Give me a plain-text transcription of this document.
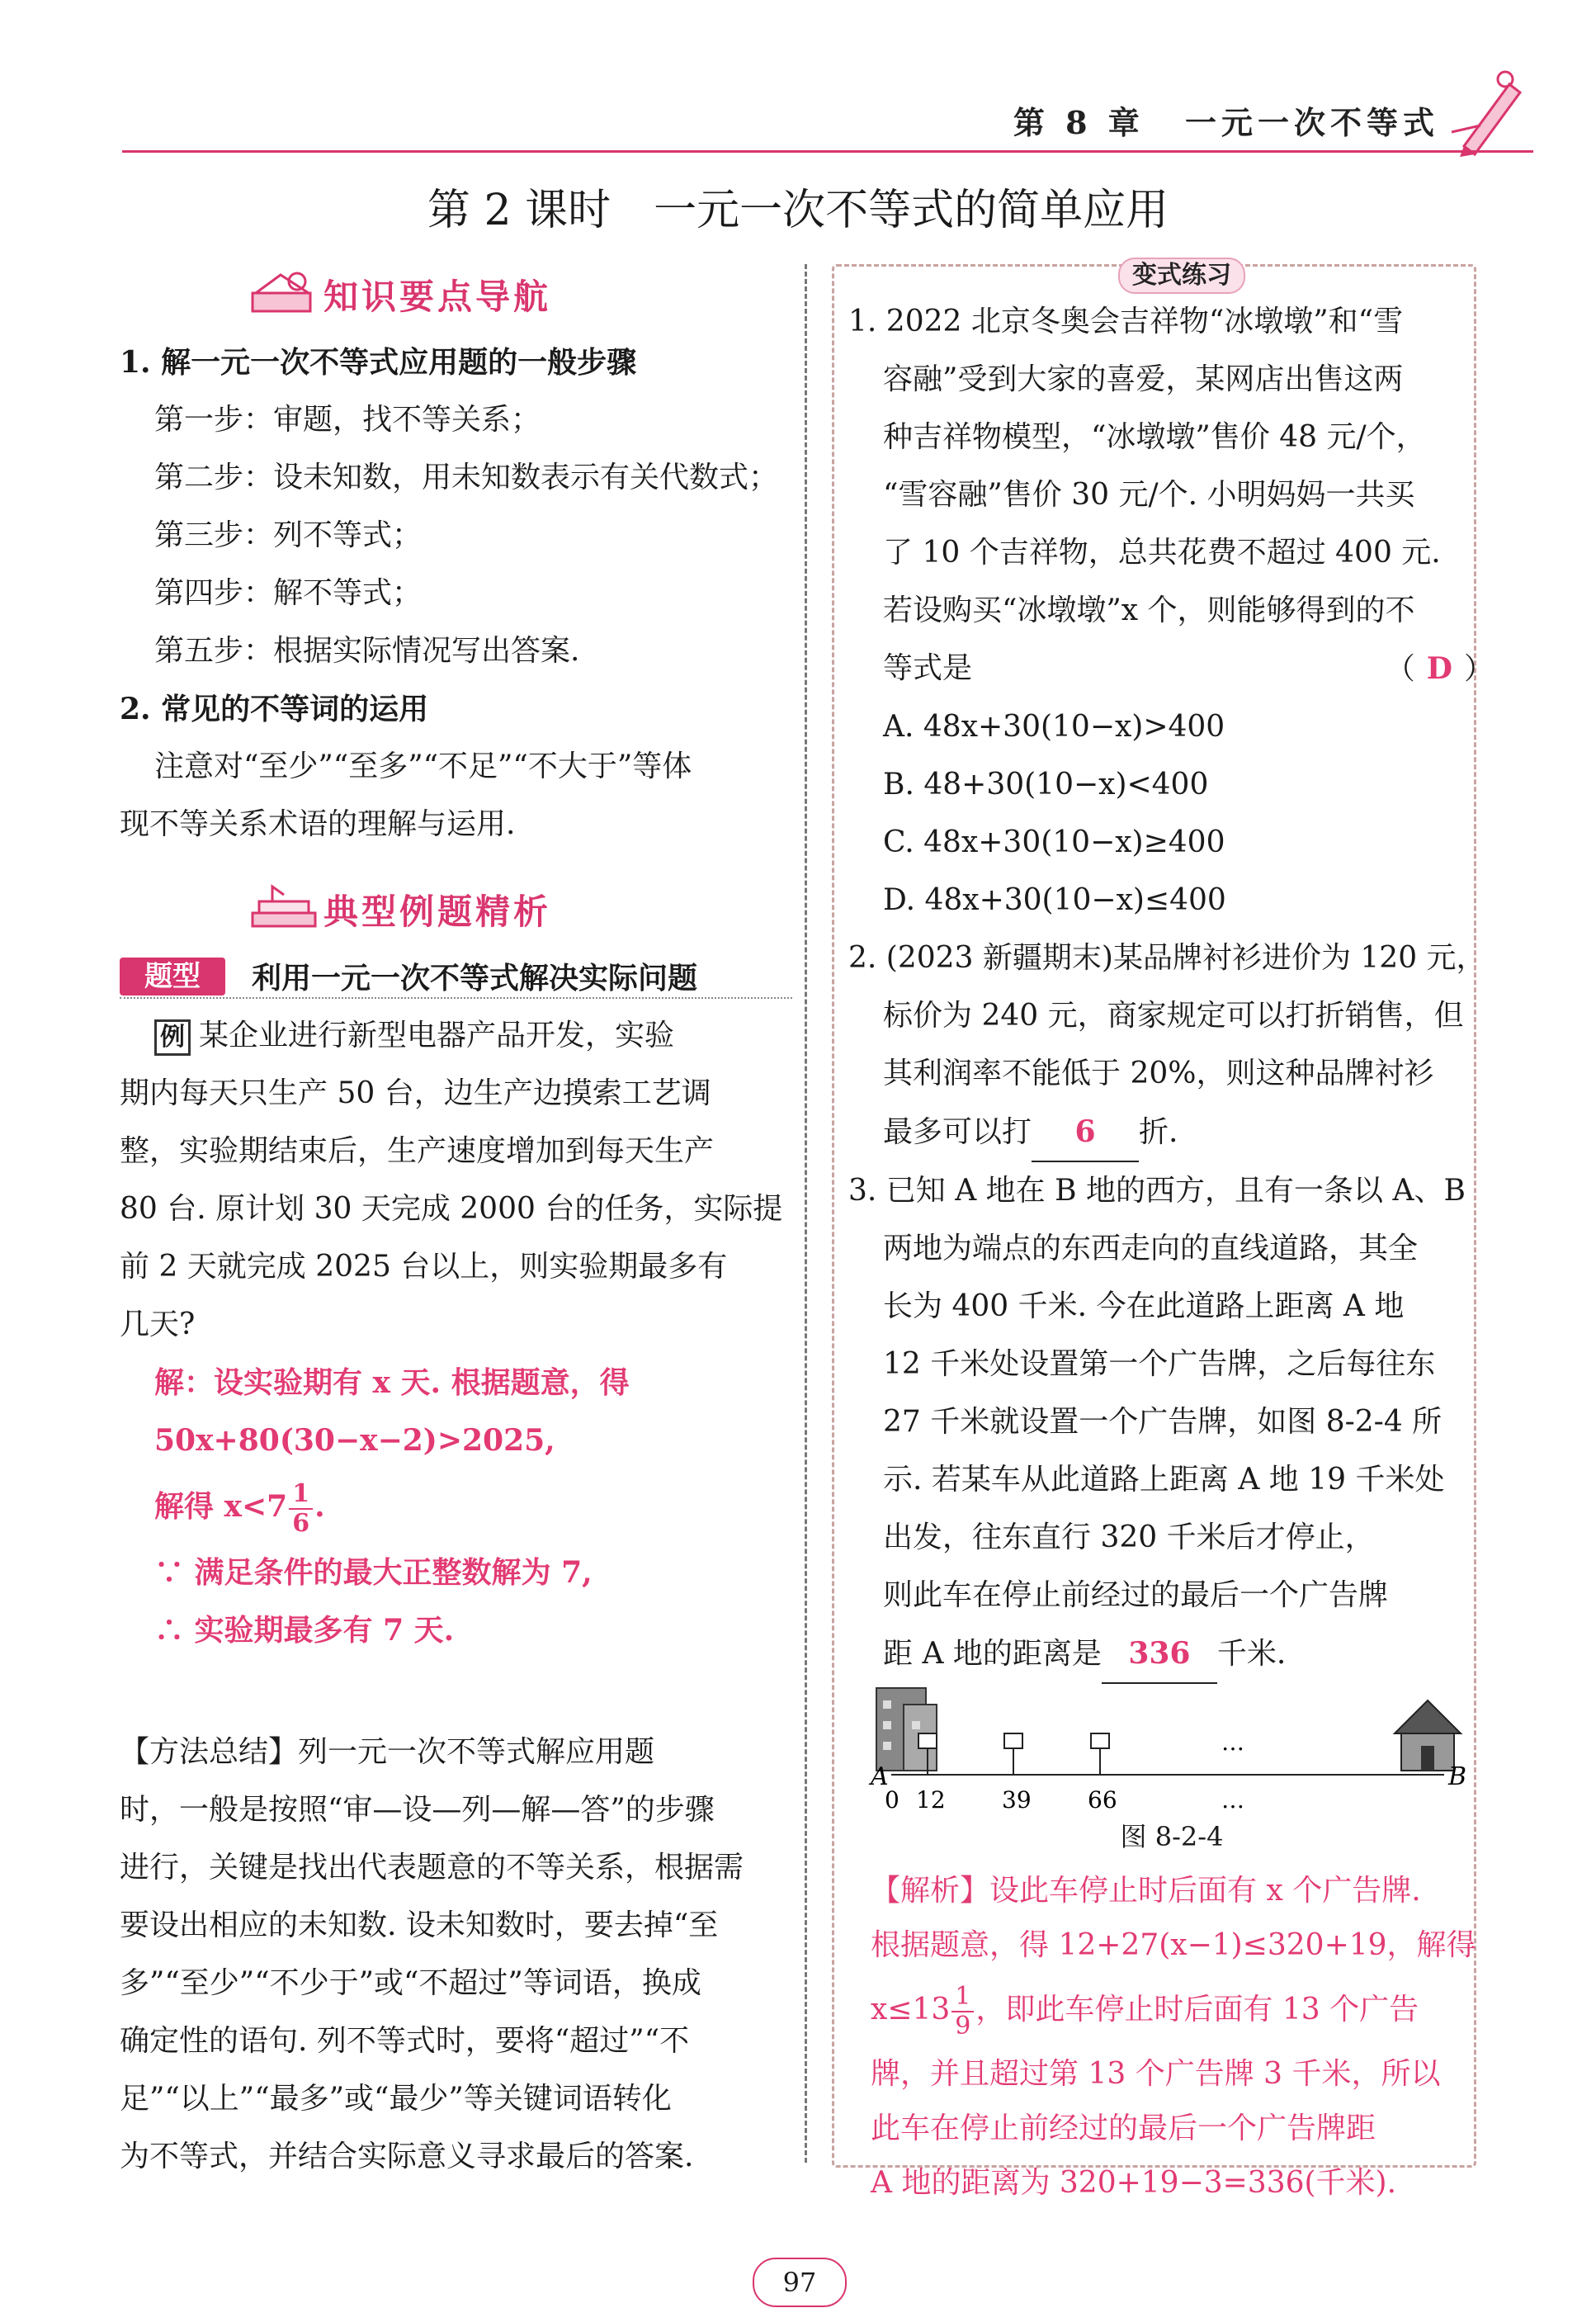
第 8 章 一元一次不等式
第 2 课时　一元一次不等式的简单应用
知识要点导航
1. 解一元一次不等式应用题的一般步骤
第一步：审题，找不等关系；
第二步：设未知数，用未知数表示有关代数式；
第三步：列不等式；
第四步：解不等式；
第五步：根据实际情况写出答案.
2. 常见的不等词的运用
注意对“至少”“至多”“不足”“不大于”等体
现不等关系术语的理解与运用.
典型例题精析
题型	利用一元一次不等式解决实际问题
例 某企业进行新型电器产品开发，实验
期内每天只生产 50 台，边生产边摸索工艺调
整，实验期结束后，生产速度增加到每天生产
80 台. 原计划 30 天完成 2000 台的任务，实际提
前 2 天就完成 2025 台以上，则实验期最多有
几天?
解：设实验期有 x 天. 根据题意，得
50x+80(30−x−2)>2025,
解得 $x<7 \frac{1}{6}$ .
∵ 满足条件的最大正整数解为 7,
∴ 实验期最多有 7 天.
【方法总结】列一元一次不等式解应用题
时，一般是按照“审—设—列—解—答”的步骤
进行，关键是找出代表题意的不等关系，根据需
要设出相应的未知数. 设未知数时，要去掉“至
多”“至少”“不少于”或“不超过”等词语，换成
确定性的语句. 列不等式时，要将“超过”“不
足”“以上”“最多”或“最少”等关键词语转化
为不等式，并结合实际意义寻求最后的答案.
变式练习
1. 2022 北京冬奥会吉祥物“冰墩墩”和“雪
容融”受到大家的喜爱，某网店出售这两
种吉祥物模型，“冰墩墩”售价 48 元/个，
“雪容融”售价 30 元/个. 小明妈妈一共买
了 10 个吉祥物，总共花费不超过 400 元.
若设购买“冰墩墩”x 个，则能够得到的不
等式是	（ D ）
A. 48x+30(10−x)>400
B. 48+30(10−x)<400
C. 48x+30(10−x)≥400
D. 48x+30(10−x)≤400
2. (2023 新疆期末)某品牌衬衫进价为 120 元，
标价为 240 元，商家规定可以打折销售，但
其利润率不能低于 20%，则这种品牌衬衫
最多可以打 6 折.
3. 已知 A 地在 B 地的西方，且有一条以 A、B
两地为端点的东西走向的直线道路，其全
长为 400 千米. 今在此道路上距离 A 地
12 千米处设置第一个广告牌，之后每往东
27 千米就设置一个广告牌，如图 8-2-4 所
示. 若某车从此道路上距离 A 地 19 千米处
出发，往东直行 320 千米后才停止，
则此车在停止前经过的最后一个广告牌
距 A 地的距离是 336 千米.
A	B
0 12 39 66
…
…
图 8-2-4
【解析】设此车停止时后面有 x 个广告牌.
根据题意，得 12+27(x−1)≤320+19，解得
$x\le 13 \frac{1}{9}$ ，即此车停止时后面有 13 个广告
牌，并且超过第 13 个广告牌 3 千米，所以
此车在停止前经过的最后一个广告牌距
A 地的距离为 320+19−3=336(千米).
97
